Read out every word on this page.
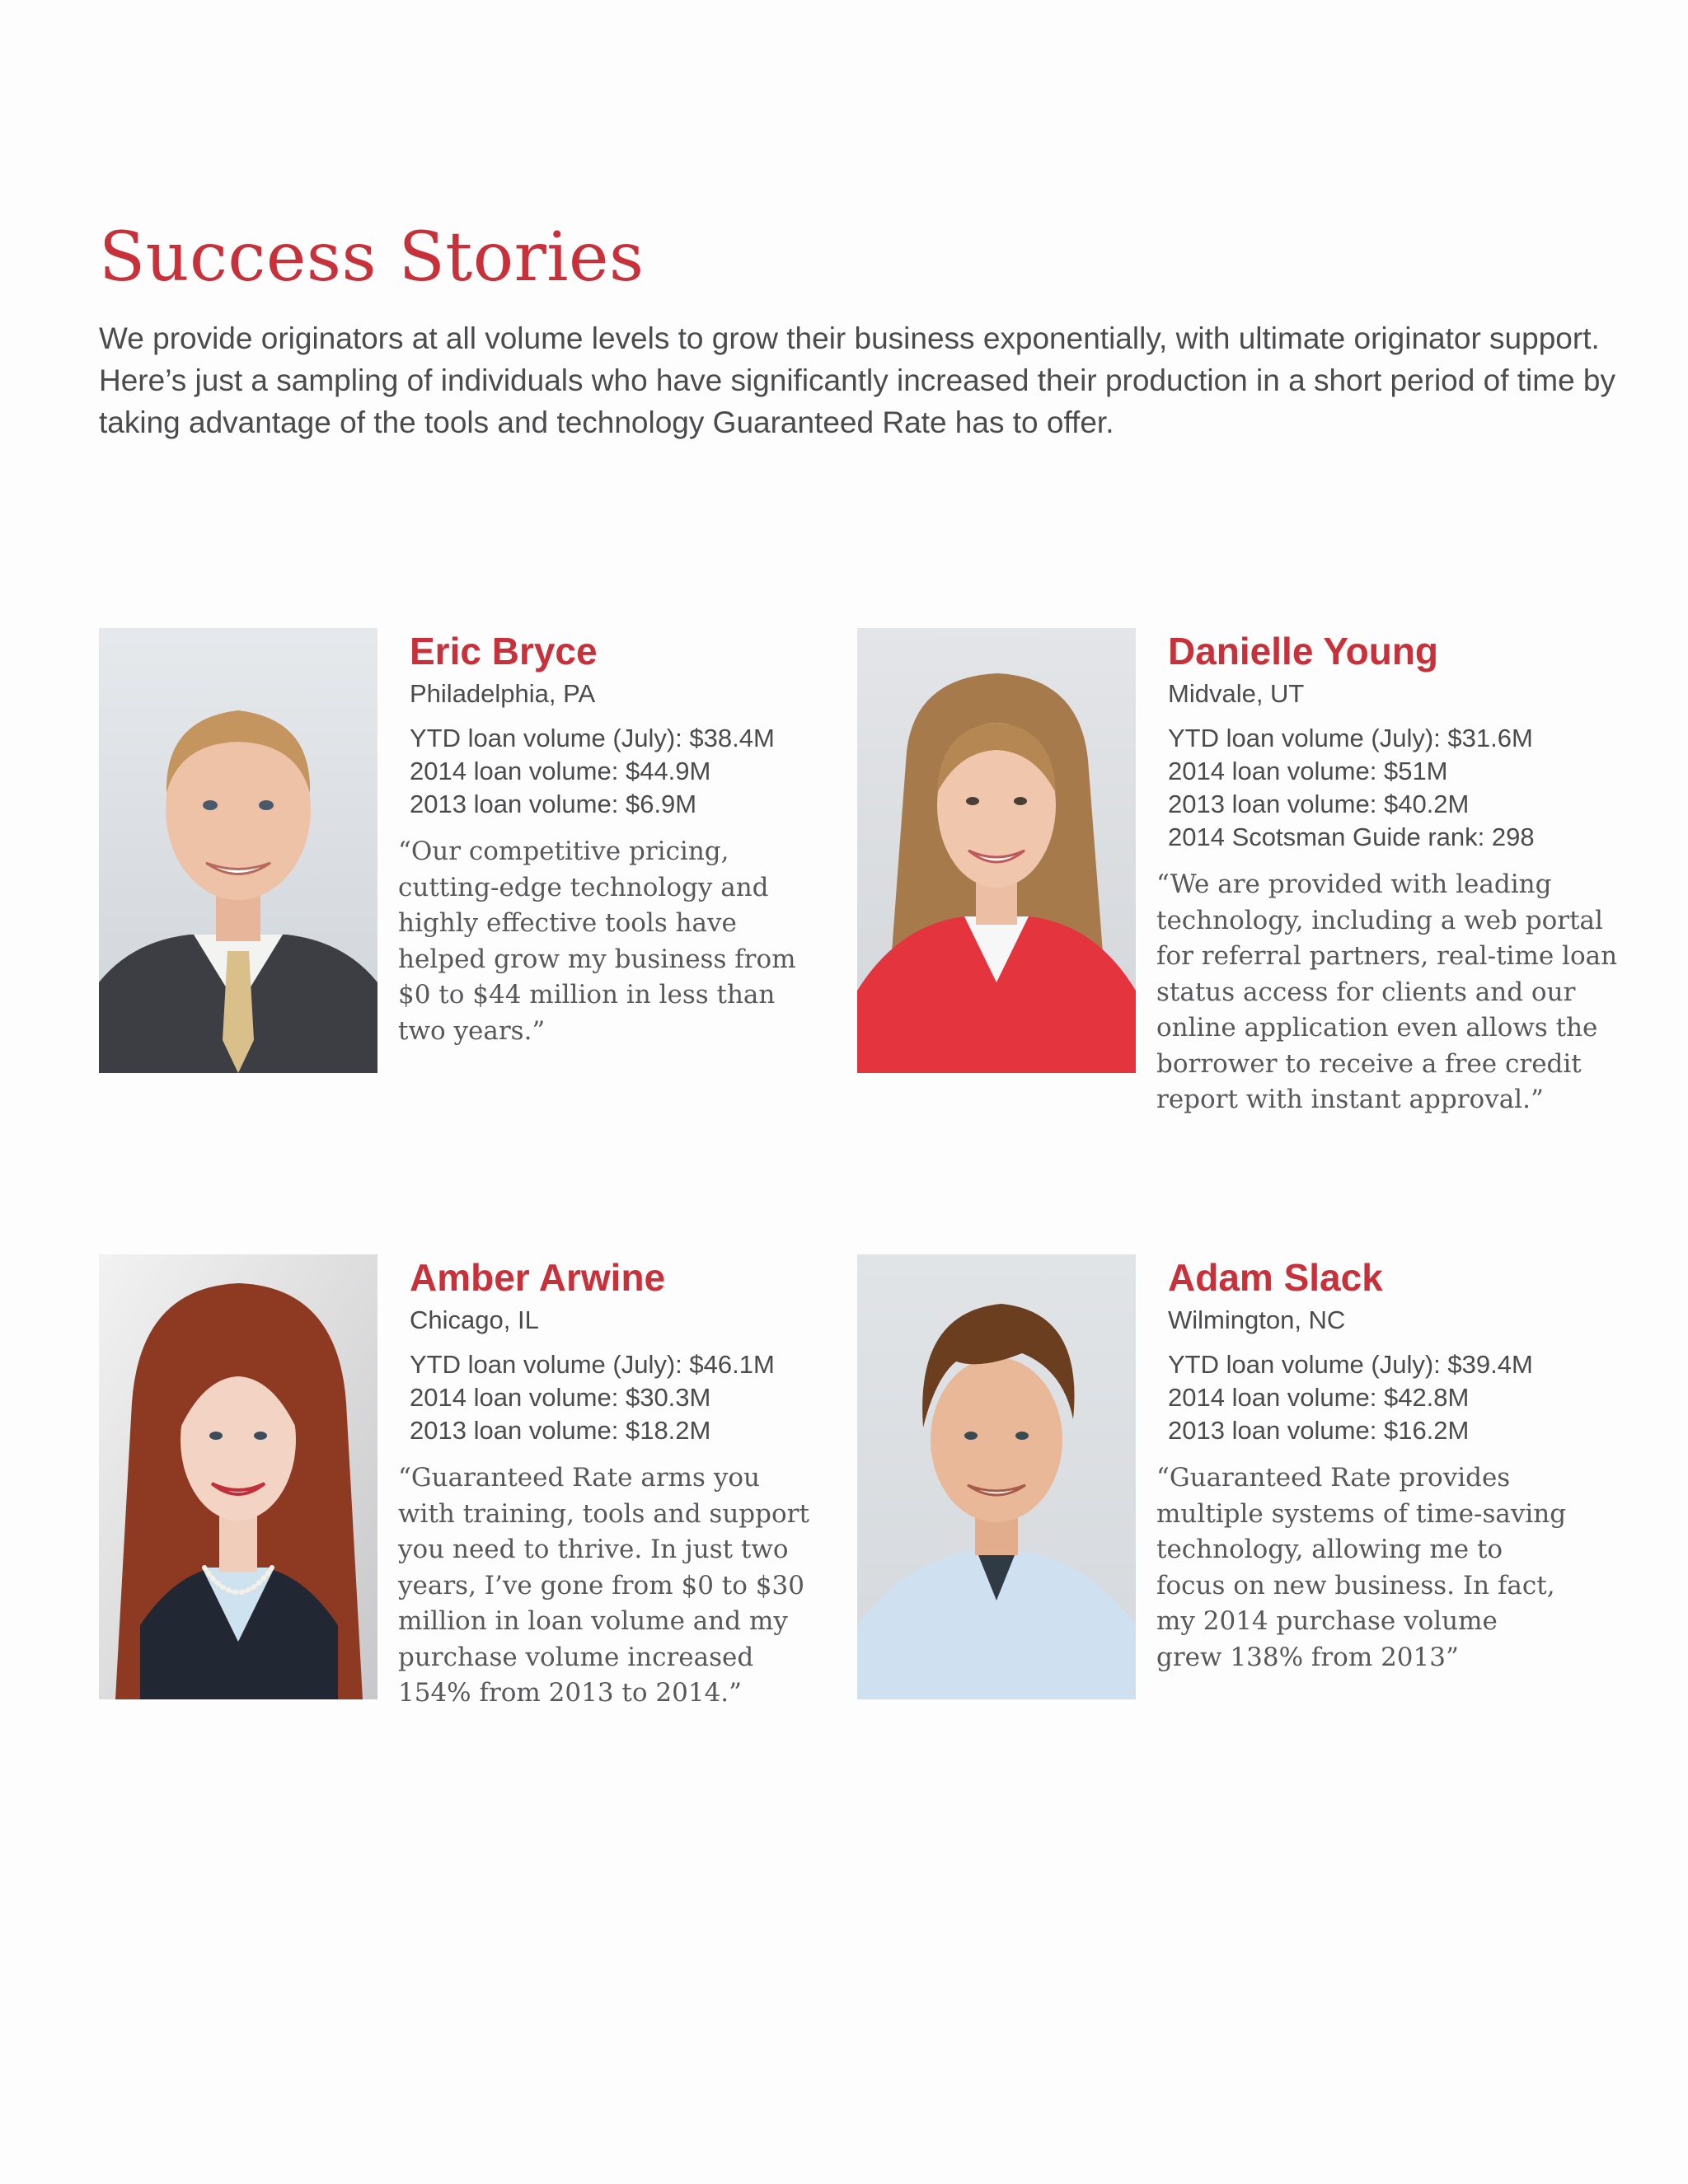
Success Stories

We provide originators at all volume levels to grow their business exponentially, with ultimate originator support. Here’s just a sampling of individuals who have significantly increased their production in a short period of time by taking advantage of the tools and technology Guaranteed Rate has to offer.

Eric Bryce
Philadelphia, PA
YTD loan volume (July): $38.4M
2014 loan volume: $44.9M
2013 loan volume: $6.9M

“Our competitive pricing, cutting-edge technology and highly effective tools have helped grow my business from $0 to $44 million in less than two years.”

Danielle Young
Midvale, UT
YTD loan volume (July): $31.6M
2014 loan volume: $51M
2013 loan volume: $40.2M
2014 Scotsman Guide rank: 298

“We are provided with leading technology, including a web portal for referral partners, real-time loan status access for clients and our online application even allows the borrower to receive a free credit report with instant approval.”

Amber Arwine
Chicago, IL
YTD loan volume (July): $46.1M
2014 loan volume: $30.3M
2013 loan volume: $18.2M

“Guaranteed Rate arms you with training, tools and support you need to thrive. In just two years, I’ve gone from $0 to $30 million in loan volume and my purchase volume increased 154% from 2013 to 2014.”

Adam Slack
Wilmington, NC
YTD loan volume (July): $39.4M
2014 loan volume: $42.8M
2013 loan volume: $16.2M

“Guaranteed Rate provides multiple systems of time-saving technology, allowing me to focus on new business. In fact, my 2014 purchase volume grew 138% from 2013”
